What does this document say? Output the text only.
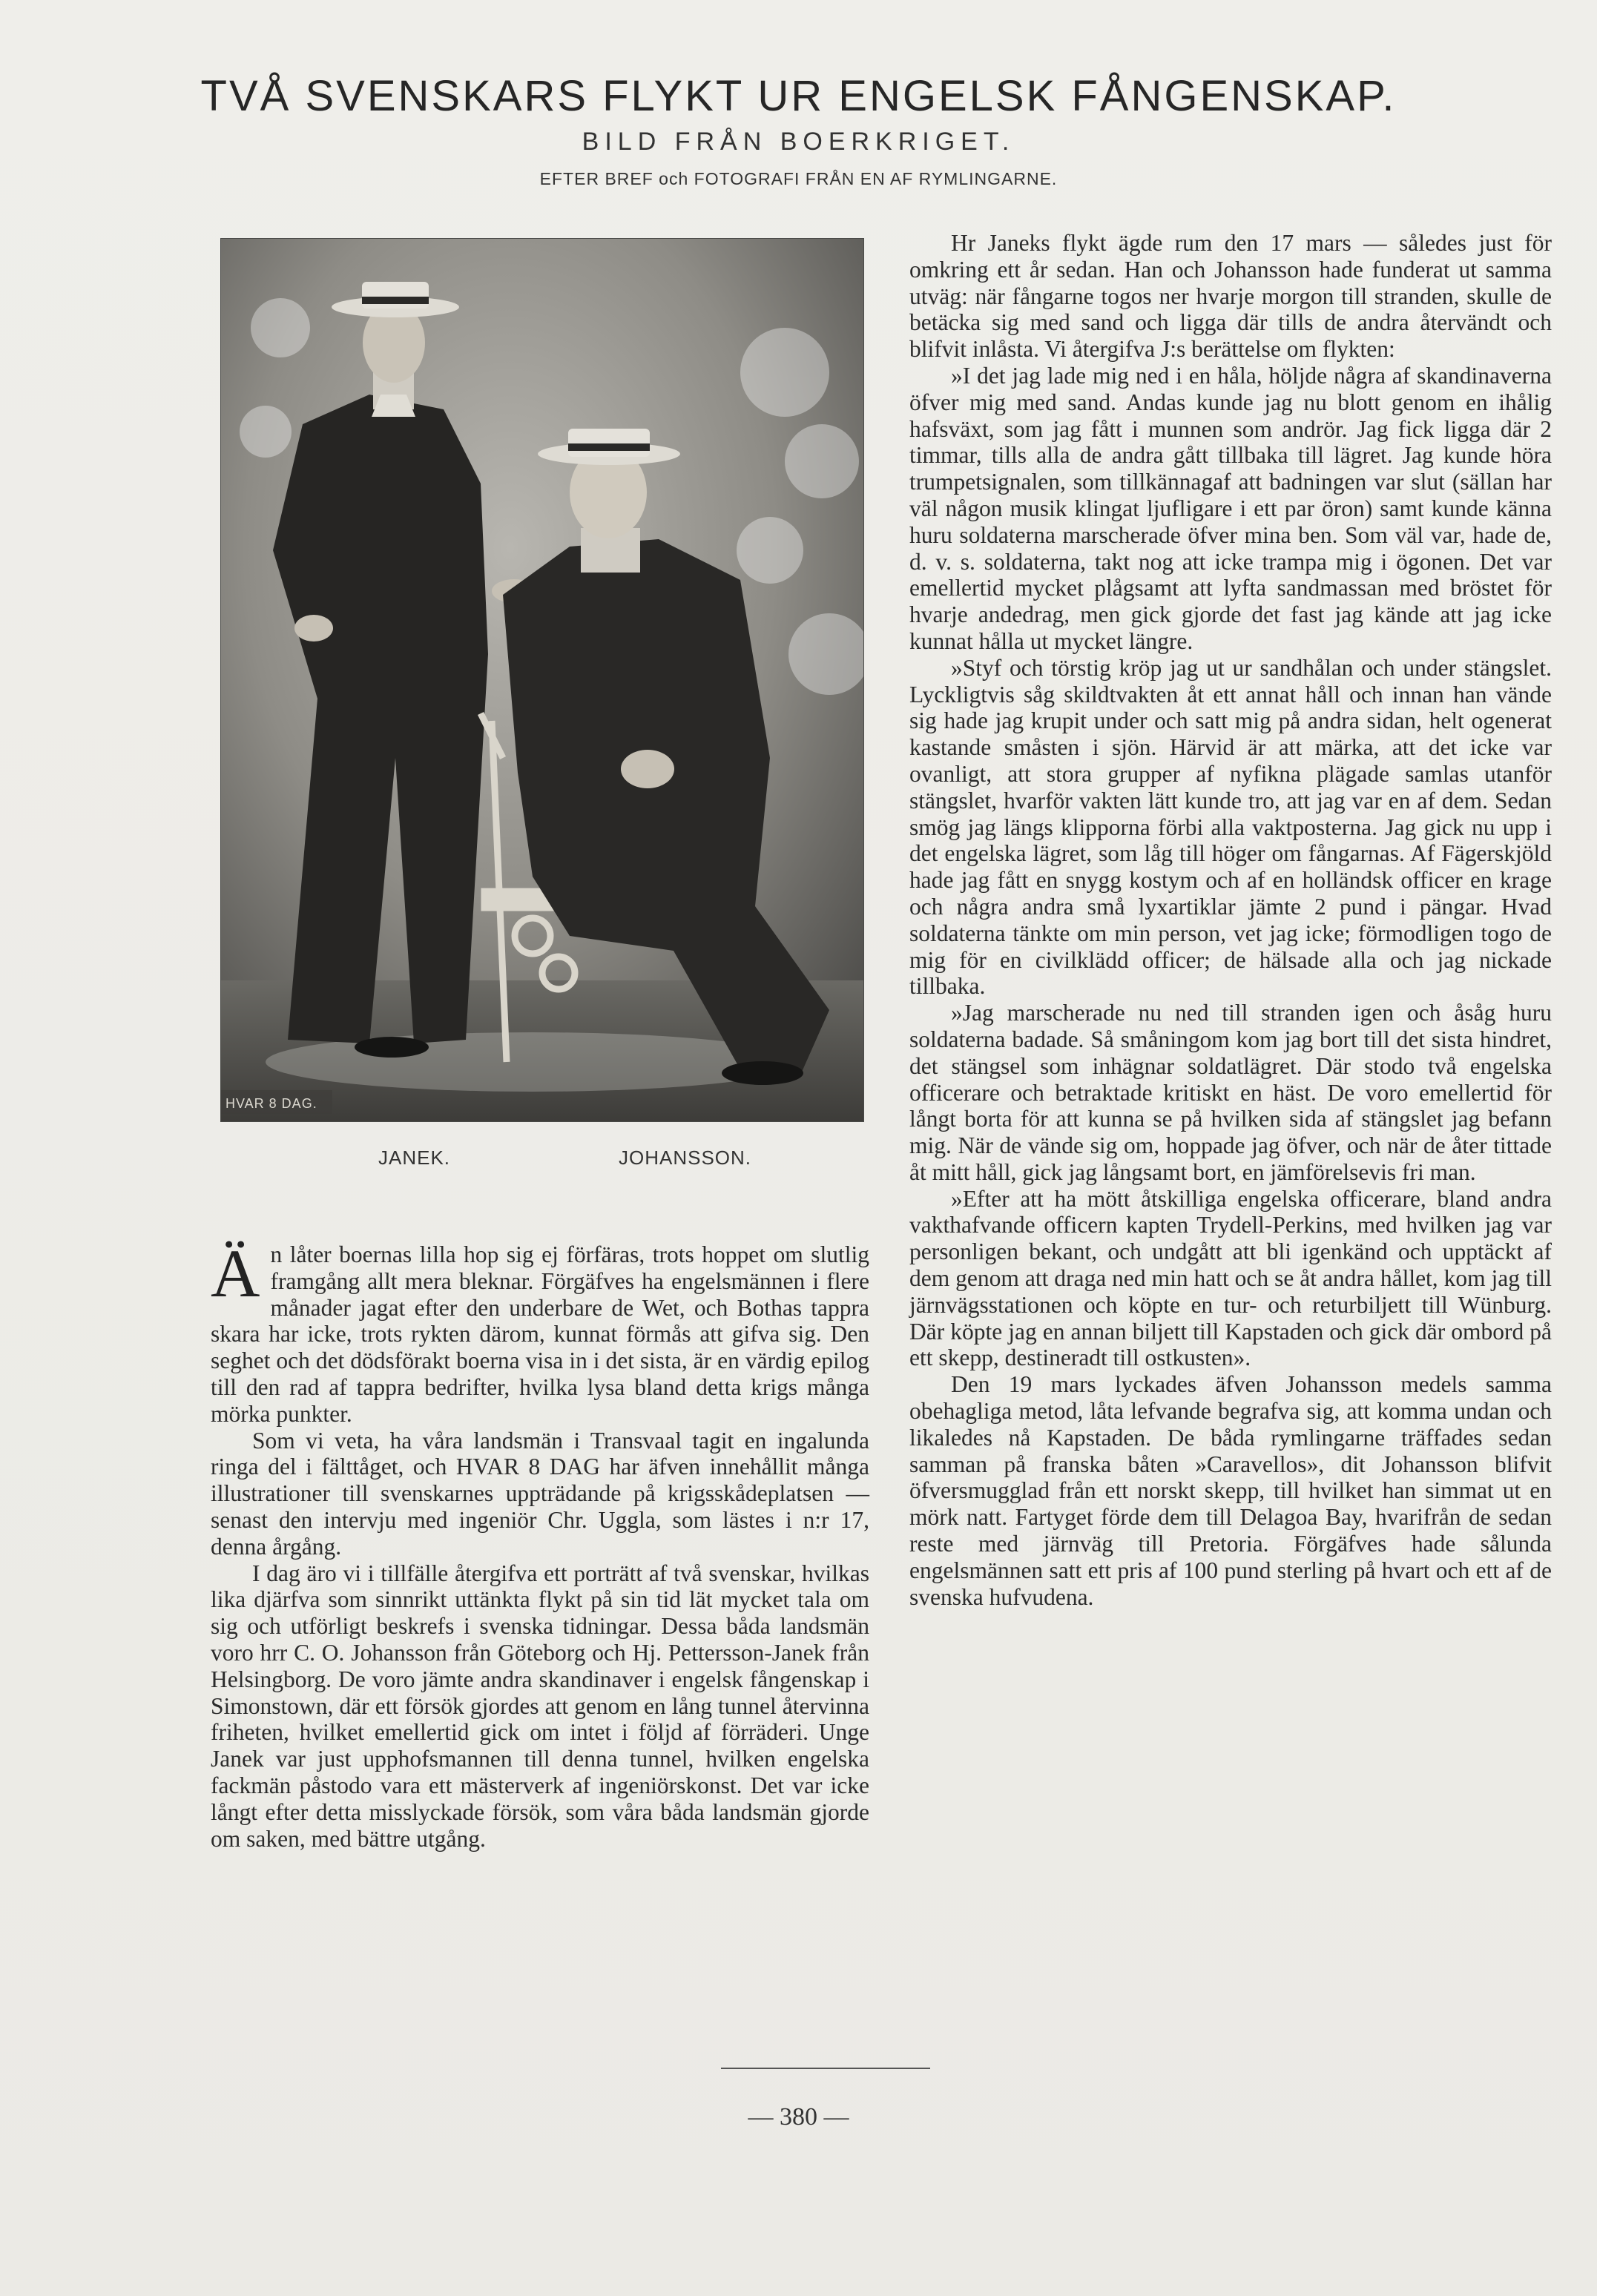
TVÅ SVENSKARS FLYKT UR ENGELSK FÅNGENSKAP.
BILD FRÅN BOERKRIGET.
EFTER BREF och FOTOGRAFI FRÅN EN AF RYMLINGARNE.
HVAR 8 DAG.
JANEK.	JOHANSSON.

Än låter boernas lilla hop sig ej förfäras, trots hoppet om slutlig framgång allt mera bleknar. Förgäfves ha engelsmännen i flere månader jagat efter den underbare de Wet, och Bothas tappra skara har icke, trots rykten därom, kunnat förmås att gifva sig. Den seghet och det dödsförakt boerna visa in i det sista, är en värdig epilog till den rad af tappra bedrifter, hvilka lysa bland detta krigs många mörka punkter.

Som vi veta, ha våra landsmän i Transvaal tagit en ingalunda ringa del i fälttåget, och HVAR 8 DAG har äfven innehållit många illustrationer till svenskarnes uppträdande på krigsskådeplatsen — senast den intervju med ingeniör Chr. Uggla, som lästes i n:r 17, denna årgång.

I dag äro vi i tillfälle återgifva ett porträtt af två svenskar, hvilkas lika djärfva som sinnrikt uttänkta flykt på sin tid lät mycket tala om sig och utförligt beskrefs i svenska tidningar. Dessa båda landsmän voro hrr C. O. Johansson från Göteborg och Hj. Pettersson-Janek från Helsingborg. De voro jämte andra skandinaver i engelsk fångenskap i Simonstown, där ett försök gjordes att genom en lång tunnel återvinna friheten, hvilket emellertid gick om intet i följd af förräderi. Unge Janek var just upphofsmannen till denna tunnel, hvilken engelska fackmän påstodo vara ett mästerverk af ingeniörskonst. Det var icke långt efter detta misslyckade försök, som våra båda landsmän gjorde om saken, med bättre utgång.

Hr Janeks flykt ägde rum den 17 mars — således just för omkring ett år sedan. Han och Johansson hade funderat ut samma utväg: när fångarne togos ner hvarje morgon till stranden, skulle de betäcka sig med sand och ligga där tills de andra återvändt och blifvit inlåsta. Vi återgifva J:s berättelse om flykten:

»I det jag lade mig ned i en håla, höljde några af skandinaverna öfver mig med sand. Andas kunde jag nu blott genom en ihålig hafsväxt, som jag fått i munnen som andrör. Jag fick ligga där 2 timmar, tills alla de andra gått tillbaka till lägret. Jag kunde höra trumpetsignalen, som tillkännagaf att badningen var slut (sällan har väl någon musik klingat ljufligare i ett par öron) samt kunde känna huru soldaterna marscherade öfver mina ben. Som väl var, hade de, d. v. s. soldaterna, takt nog att icke trampa mig i ögonen. Det var emellertid mycket plågsamt att lyfta sandmassan med bröstet för hvarje andedrag, men gick gjorde det fast jag kände att jag icke kunnat hålla ut mycket längre.

»Styf och törstig kröp jag ut ur sandhålan och under stängslet. Lyckligtvis såg skildtvakten åt ett annat håll och innan han vände sig hade jag krupit under och satt mig på andra sidan, helt ogenerat kastande småsten i sjön. Härvid är att märka, att det icke var ovanligt, att stora grupper af nyfikna plägade samlas utanför stängslet, hvarför vakten lätt kunde tro, att jag var en af dem. Sedan smög jag längs klipporna förbi alla vaktposterna. Jag gick nu upp i det engelska lägret, som låg till höger om fångarnas. Af Fägerskjöld hade jag fått en snygg kostym och af en holländsk officer en krage och några andra små lyxartiklar jämte 2 pund i pängar. Hvad soldaterna tänkte om min person, vet jag icke; förmodligen togo de mig för en civilklädd officer; de hälsade alla och jag nickade tillbaka.

»Jag marscherade nu ned till stranden igen och åsåg huru soldaterna badade. Så småningom kom jag bort till det sista hindret, det stängsel som inhägnar soldatlägret. Där stodo två engelska officerare och betraktade kritiskt en häst. De voro emellertid för långt borta för att kunna se på hvilken sida af stängslet jag befann mig. När de vände sig om, hoppade jag öfver, och när de åter tittade åt mitt håll, gick jag långsamt bort, en jämförelsevis fri man.

»Efter att ha mött åtskilliga engelska officerare, bland andra vakthafvande officern kapten Trydell-Perkins, med hvilken jag var personligen bekant, och undgått att bli igenkänd och upptäckt af dem genom att draga ned min hatt och se åt andra hållet, kom jag till järnvägsstationen och köpte en tur- och returbiljett till Wünburg. Där köpte jag en annan biljett till Kapstaden och gick där ombord på ett skepp, destineradt till ostkusten».

Den 19 mars lyckades äfven Johansson medels samma obehagliga metod, låta lefvande begrafva sig, att komma undan och likaledes nå Kapstaden. De båda rymlingarne träffades sedan samman på franska båten »Caravellos», dit Johansson blifvit öfversmugglad från ett norskt skepp, till hvilket han simmat ut en mörk natt. Fartyget förde dem till Delagoa Bay, hvarifrån de sedan reste med järnväg till Pretoria. Förgäfves hade sålunda engelsmännen satt ett pris af 100 pund sterling på hvart och ett af de svenska hufvudena.

— 380 —
